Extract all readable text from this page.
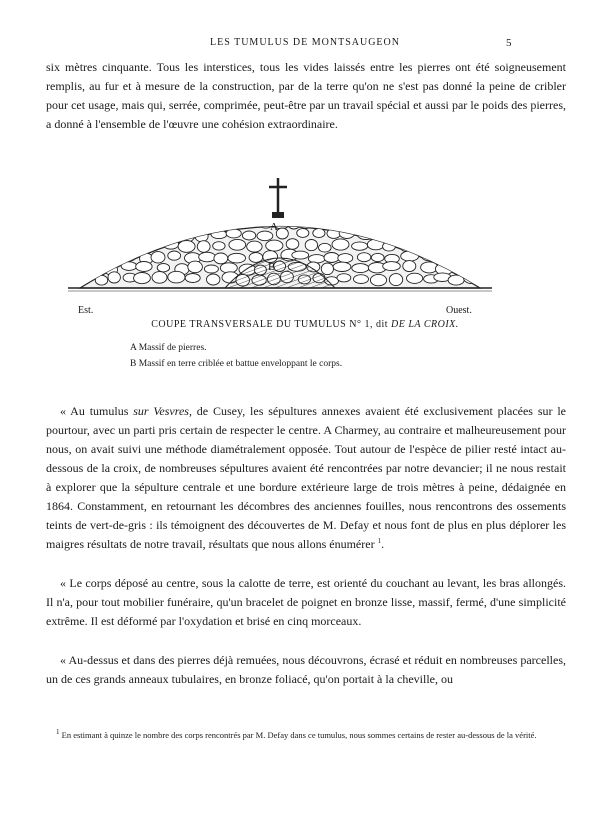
LES TUMULUS DE MONTSAUGEON	5

six mètres cinquante. Tous les interstices, tous les vides laissés entre les pierres ont été soigneusement remplis, au fur et à mesure de la construction, par de la terre qu'on ne s'est pas donné la peine de cribler pour cet usage, mais qui, serrée, comprimée, peut-être par un travail spécial et aussi par le poids des pierres, a donné à l'ensemble de l'œuvre une cohésion extraordinaire.

A
B
Est.	Ouest.
COUPE TRANSVERSALE DU TUMULUS N° 1, dit DE LA CROIX.
A Massif de pierres.
B Massif en terre criblée et battue enveloppant le corps.

« Au tumulus sur Vesvres, de Cusey, les sépultures annexes avaient été exclusivement placées sur le pourtour, avec un parti pris certain de respecter le centre. A Charmey, au contraire et malheureusement pour nous, on avait suivi une méthode diamétralement opposée. Tout autour de l'espèce de pilier resté intact au-dessous de la croix, de nombreuses sépultures avaient été rencontrées par notre devancier; il ne nous restait à explorer que la sépulture centrale et une bordure extérieure large de trois mètres à peine, dédaignée en 1864. Constamment, en retournant les décombres des anciennes fouilles, nous rencontrons des ossements teints de vert-de-gris : ils témoignent des découvertes de M. Defay et nous font de plus en plus déplorer les maigres résultats de notre travail, résultats que nous allons énumérer $^1$.

« Le corps déposé au centre, sous la calotte de terre, est orienté du couchant au levant, les bras allongés. Il n'a, pour tout mobilier funéraire, qu'un bracelet de poignet en bronze lisse, massif, fermé, d'une simplicité extrême. Il est déformé par l'oxydation et brisé en cinq morceaux.

« Au-dessus et dans des pierres déjà remuées, nous découvrons, écrasé et réduit en nombreuses parcelles, un de ces grands anneaux tubulaires, en bronze foliacé, qu'on portait à la cheville, ou

$^1$ En estimant à quinze le nombre des corps rencontrés par M. Defay dans ce tumulus, nous sommes certains de rester au-dessous de la vérité.
